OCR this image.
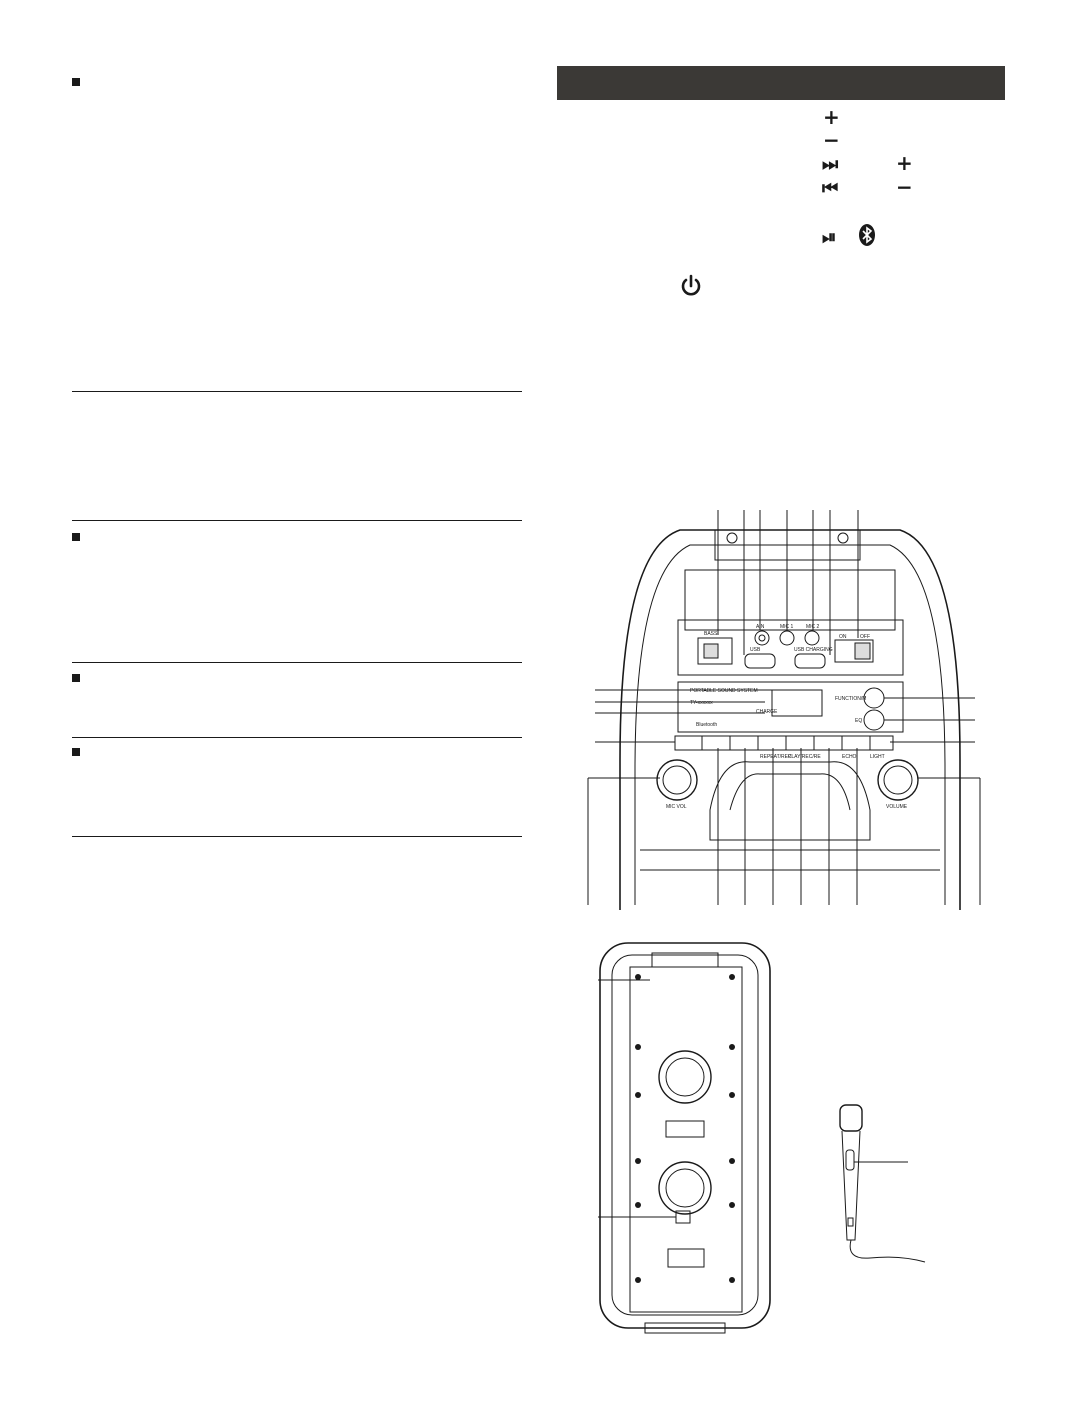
+
−
⏭	+
⏮	−
⏯
BASS
AIN	MIC 1	MIC 2
USB	USB CHARGING
ON	OFF
PORTABLE SOUND SYSTEM
TY-xxxxxx
CHARGE
Bluetooth
FUNCTION/M
EQ
REPEAT/REC
PLAY/REC/RE	ECHO	LIGHT
MIC VOL	VOLUME
